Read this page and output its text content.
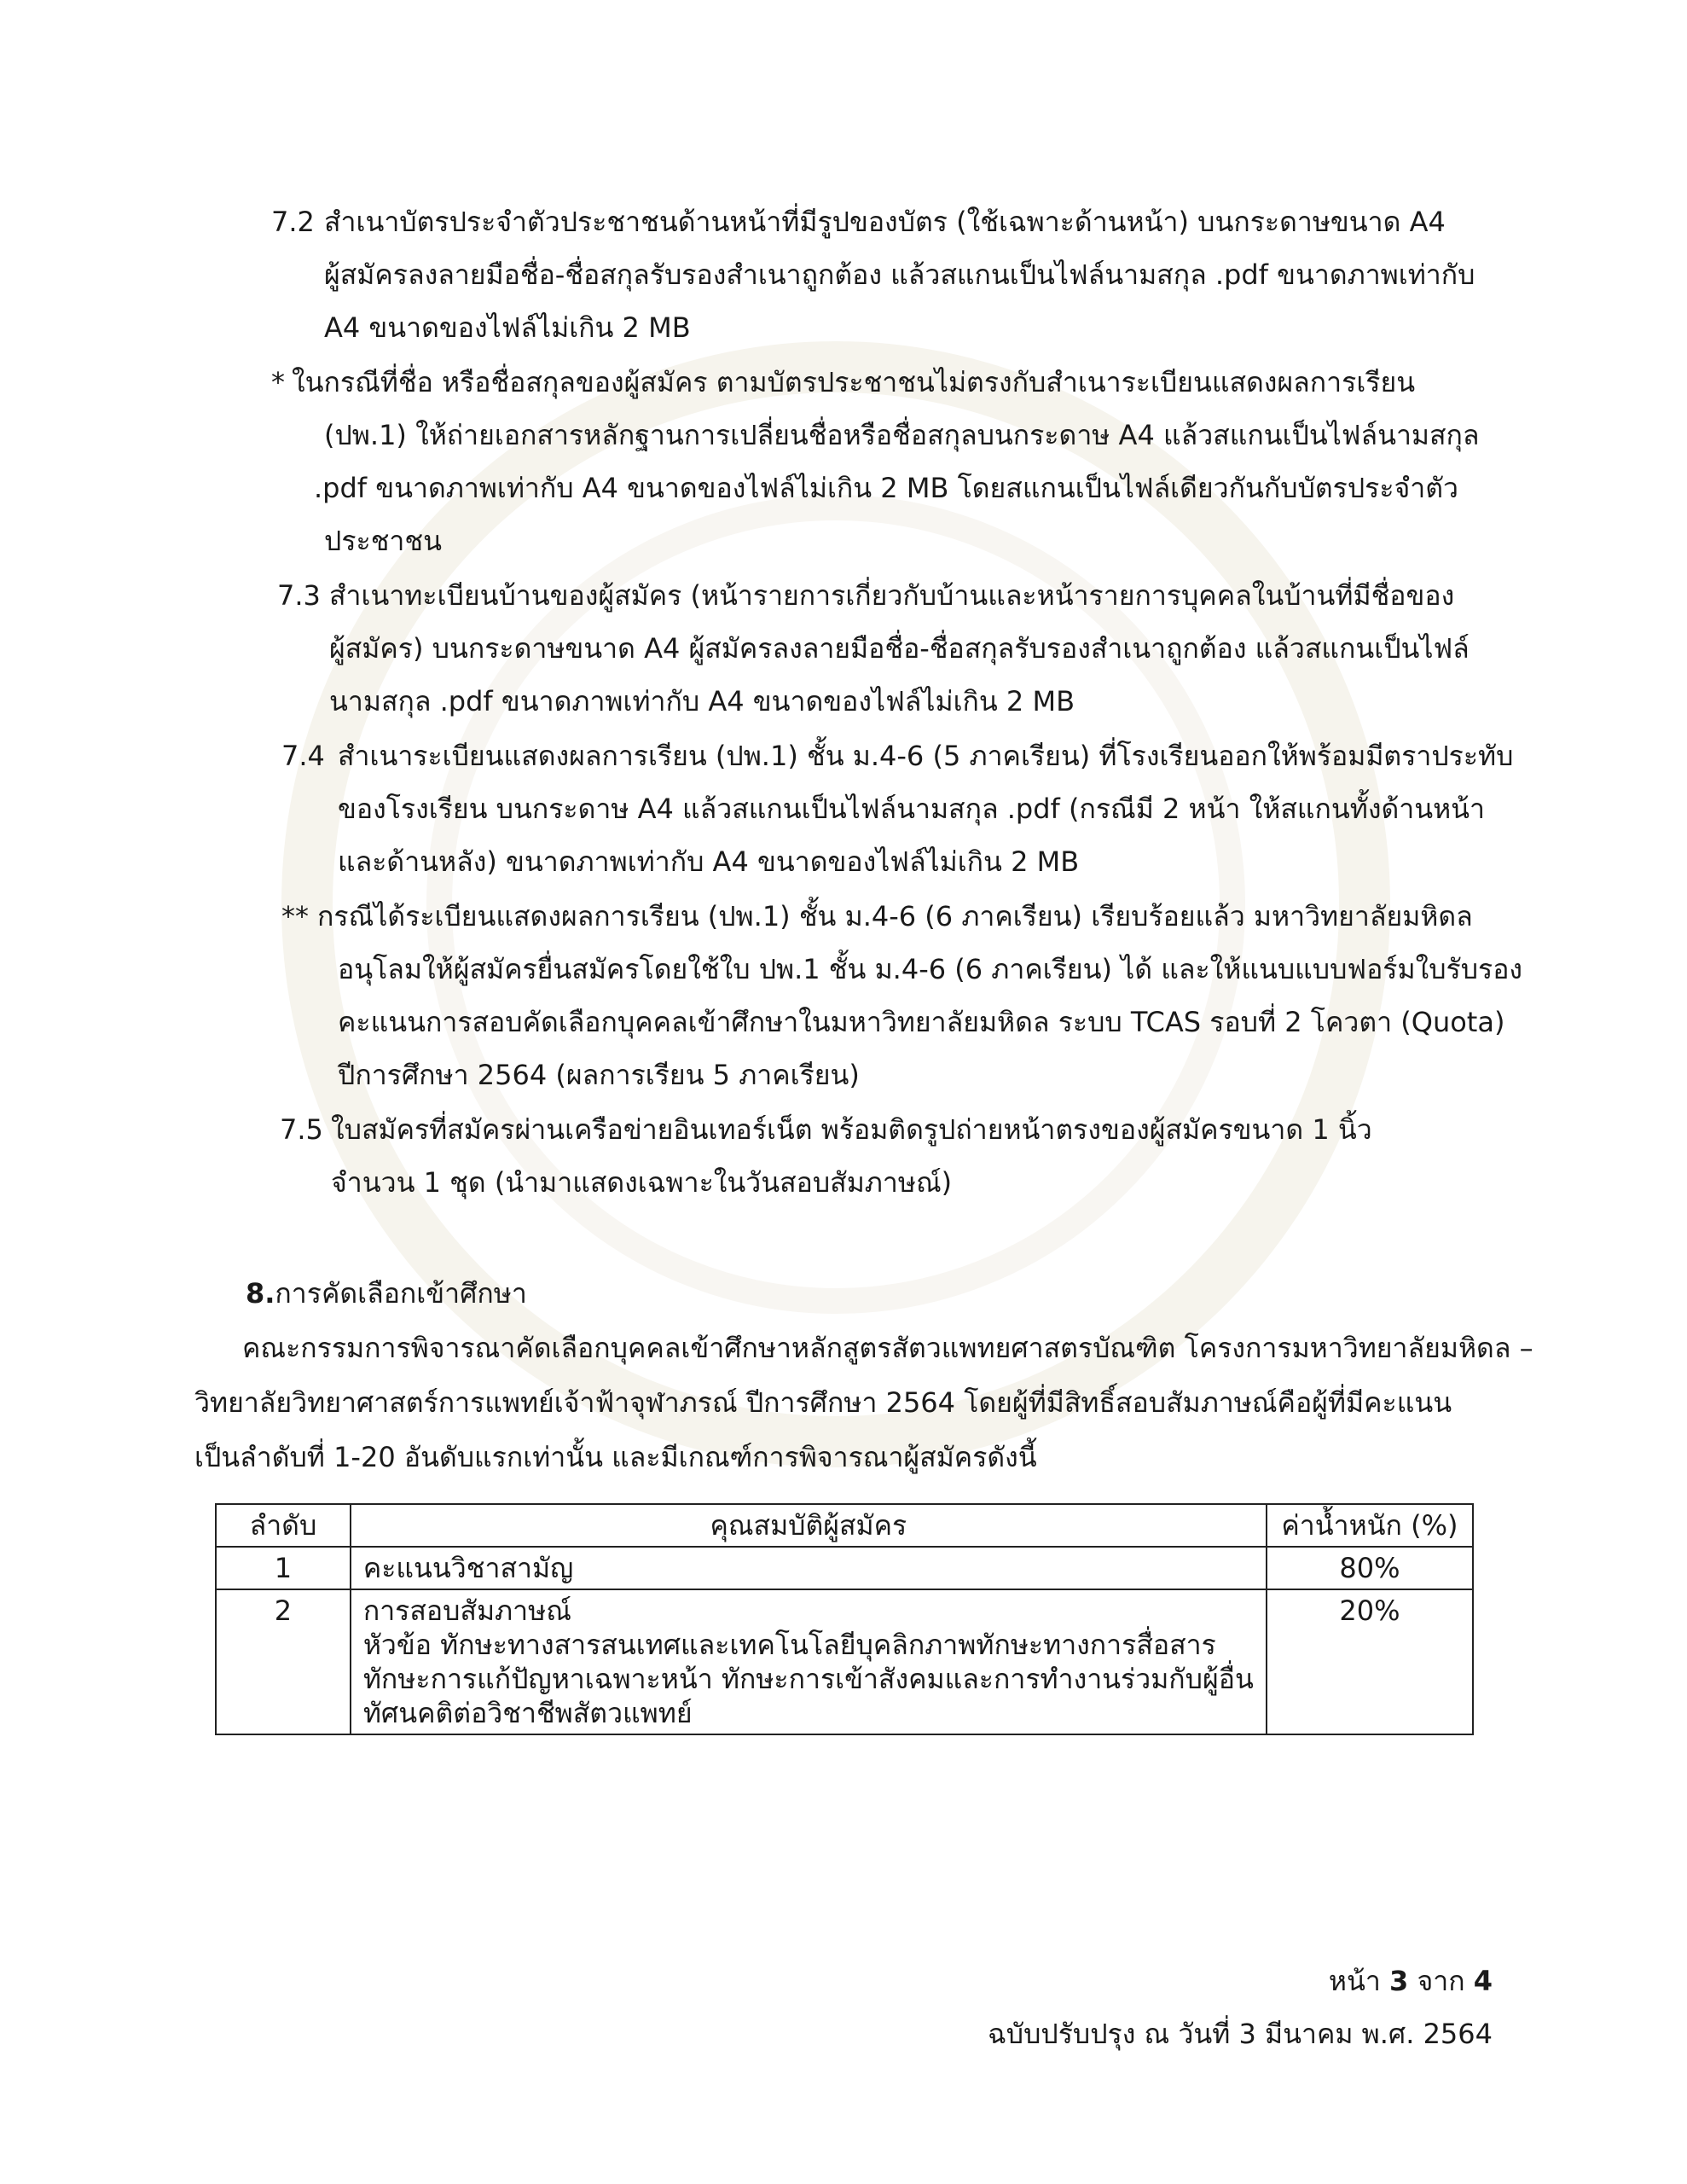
7.2 สำเนาบัตรประจำตัวประชาชนด้านหน้าที่มีรูปของบัตร (ใช้เฉพาะด้านหน้า) บนกระดาษขนาด A4
ผู้สมัครลงลายมือชื่อ-ชื่อสกุลรับรองสำเนาถูกต้อง แล้วสแกนเป็นไฟล์นามสกุล .pdf ขนาดภาพเท่ากับ
A4 ขนาดของไฟล์ไม่เกิน 2 MB
* ในกรณีที่ชื่อ หรือชื่อสกุลของผู้สมัคร ตามบัตรประชาชนไม่ตรงกับสำเนาระเบียนแสดงผลการเรียน
(ปพ.1) ให้ถ่ายเอกสารหลักฐานการเปลี่ยนชื่อหรือชื่อสกุลบนกระดาษ A4 แล้วสแกนเป็นไฟล์นามสกุล
.pdf ขนาดภาพเท่ากับ A4 ขนาดของไฟล์ไม่เกิน 2 MB โดยสแกนเป็นไฟล์เดียวกันกับบัตรประจำตัว
ประชาชน
7.3 สำเนาทะเบียนบ้านของผู้สมัคร (หน้ารายการเกี่ยวกับบ้านและหน้ารายการบุคคลในบ้านที่มีชื่อของ
ผู้สมัคร) บนกระดาษขนาด A4 ผู้สมัครลงลายมือชื่อ-ชื่อสกุลรับรองสำเนาถูกต้อง แล้วสแกนเป็นไฟล์
นามสกุล .pdf ขนาดภาพเท่ากับ A4 ขนาดของไฟล์ไม่เกิน 2 MB
7.4 สำเนาระเบียนแสดงผลการเรียน (ปพ.1) ชั้น ม.4-6 (5 ภาคเรียน) ที่โรงเรียนออกให้พร้อมมีตราประทับ
ของโรงเรียน บนกระดาษ A4 แล้วสแกนเป็นไฟล์นามสกุล .pdf (กรณีมี 2 หน้า ให้สแกนทั้งด้านหน้า
และด้านหลัง) ขนาดภาพเท่ากับ A4 ขนาดของไฟล์ไม่เกิน 2 MB
** กรณีได้ระเบียนแสดงผลการเรียน (ปพ.1) ชั้น ม.4-6 (6 ภาคเรียน) เรียบร้อยแล้ว มหาวิทยาลัยมหิดล
อนุโลมให้ผู้สมัครยื่นสมัครโดยใช้ใบ ปพ.1 ชั้น ม.4-6 (6 ภาคเรียน) ได้ และให้แนบแบบฟอร์มใบรับรอง
คะแนนการสอบคัดเลือกบุคคลเข้าศึกษาในมหาวิทยาลัยมหิดล ระบบ TCAS รอบที่ 2 โควตา (Quota)
ปีการศึกษา 2564 (ผลการเรียน 5 ภาคเรียน)
7.5 ใบสมัครที่สมัครผ่านเครือข่ายอินเทอร์เน็ต พร้อมติดรูปถ่ายหน้าตรงของผู้สมัครขนาด 1 นิ้ว
จำนวน 1 ชุด (นำมาแสดงเฉพาะในวันสอบสัมภาษณ์)
8.การคัดเลือกเข้าศึกษา
คณะกรรมการพิจารณาคัดเลือกบุคคลเข้าศึกษาหลักสูตรสัตวแพทยศาสตรบัณฑิต โครงการมหาวิทยาลัยมหิดล –
วิทยาลัยวิทยาศาสตร์การแพทย์เจ้าฟ้าจุฬาภรณ์ ปีการศึกษา 2564 โดยผู้ที่มีสิทธิ์สอบสัมภาษณ์คือผู้ที่มีคะแนน
เป็นลำดับที่ 1-20 อันดับแรกเท่านั้น และมีเกณฑ์การพิจารณาผู้สมัครดังนี้
ลำดับ	คุณสมบัติผู้สมัคร	ค่าน้ำหนัก (%)
1	คะแนนวิชาสามัญ	80%
2	การสอบสัมภาษณ์
หัวข้อ ทักษะทางสารสนเทศและเทคโนโลยีบุคลิกภาพทักษะทางการสื่อสาร
ทักษะการแก้ปัญหาเฉพาะหน้า ทักษะการเข้าสังคมและการทำงานร่วมกับผู้อื่น
ทัศนคติต่อวิชาชีพสัตวแพทย์	20%
หน้า 3 จาก 4
ฉบับปรับปรุง ณ วันที่ 3 มีนาคม พ.ศ. 2564
